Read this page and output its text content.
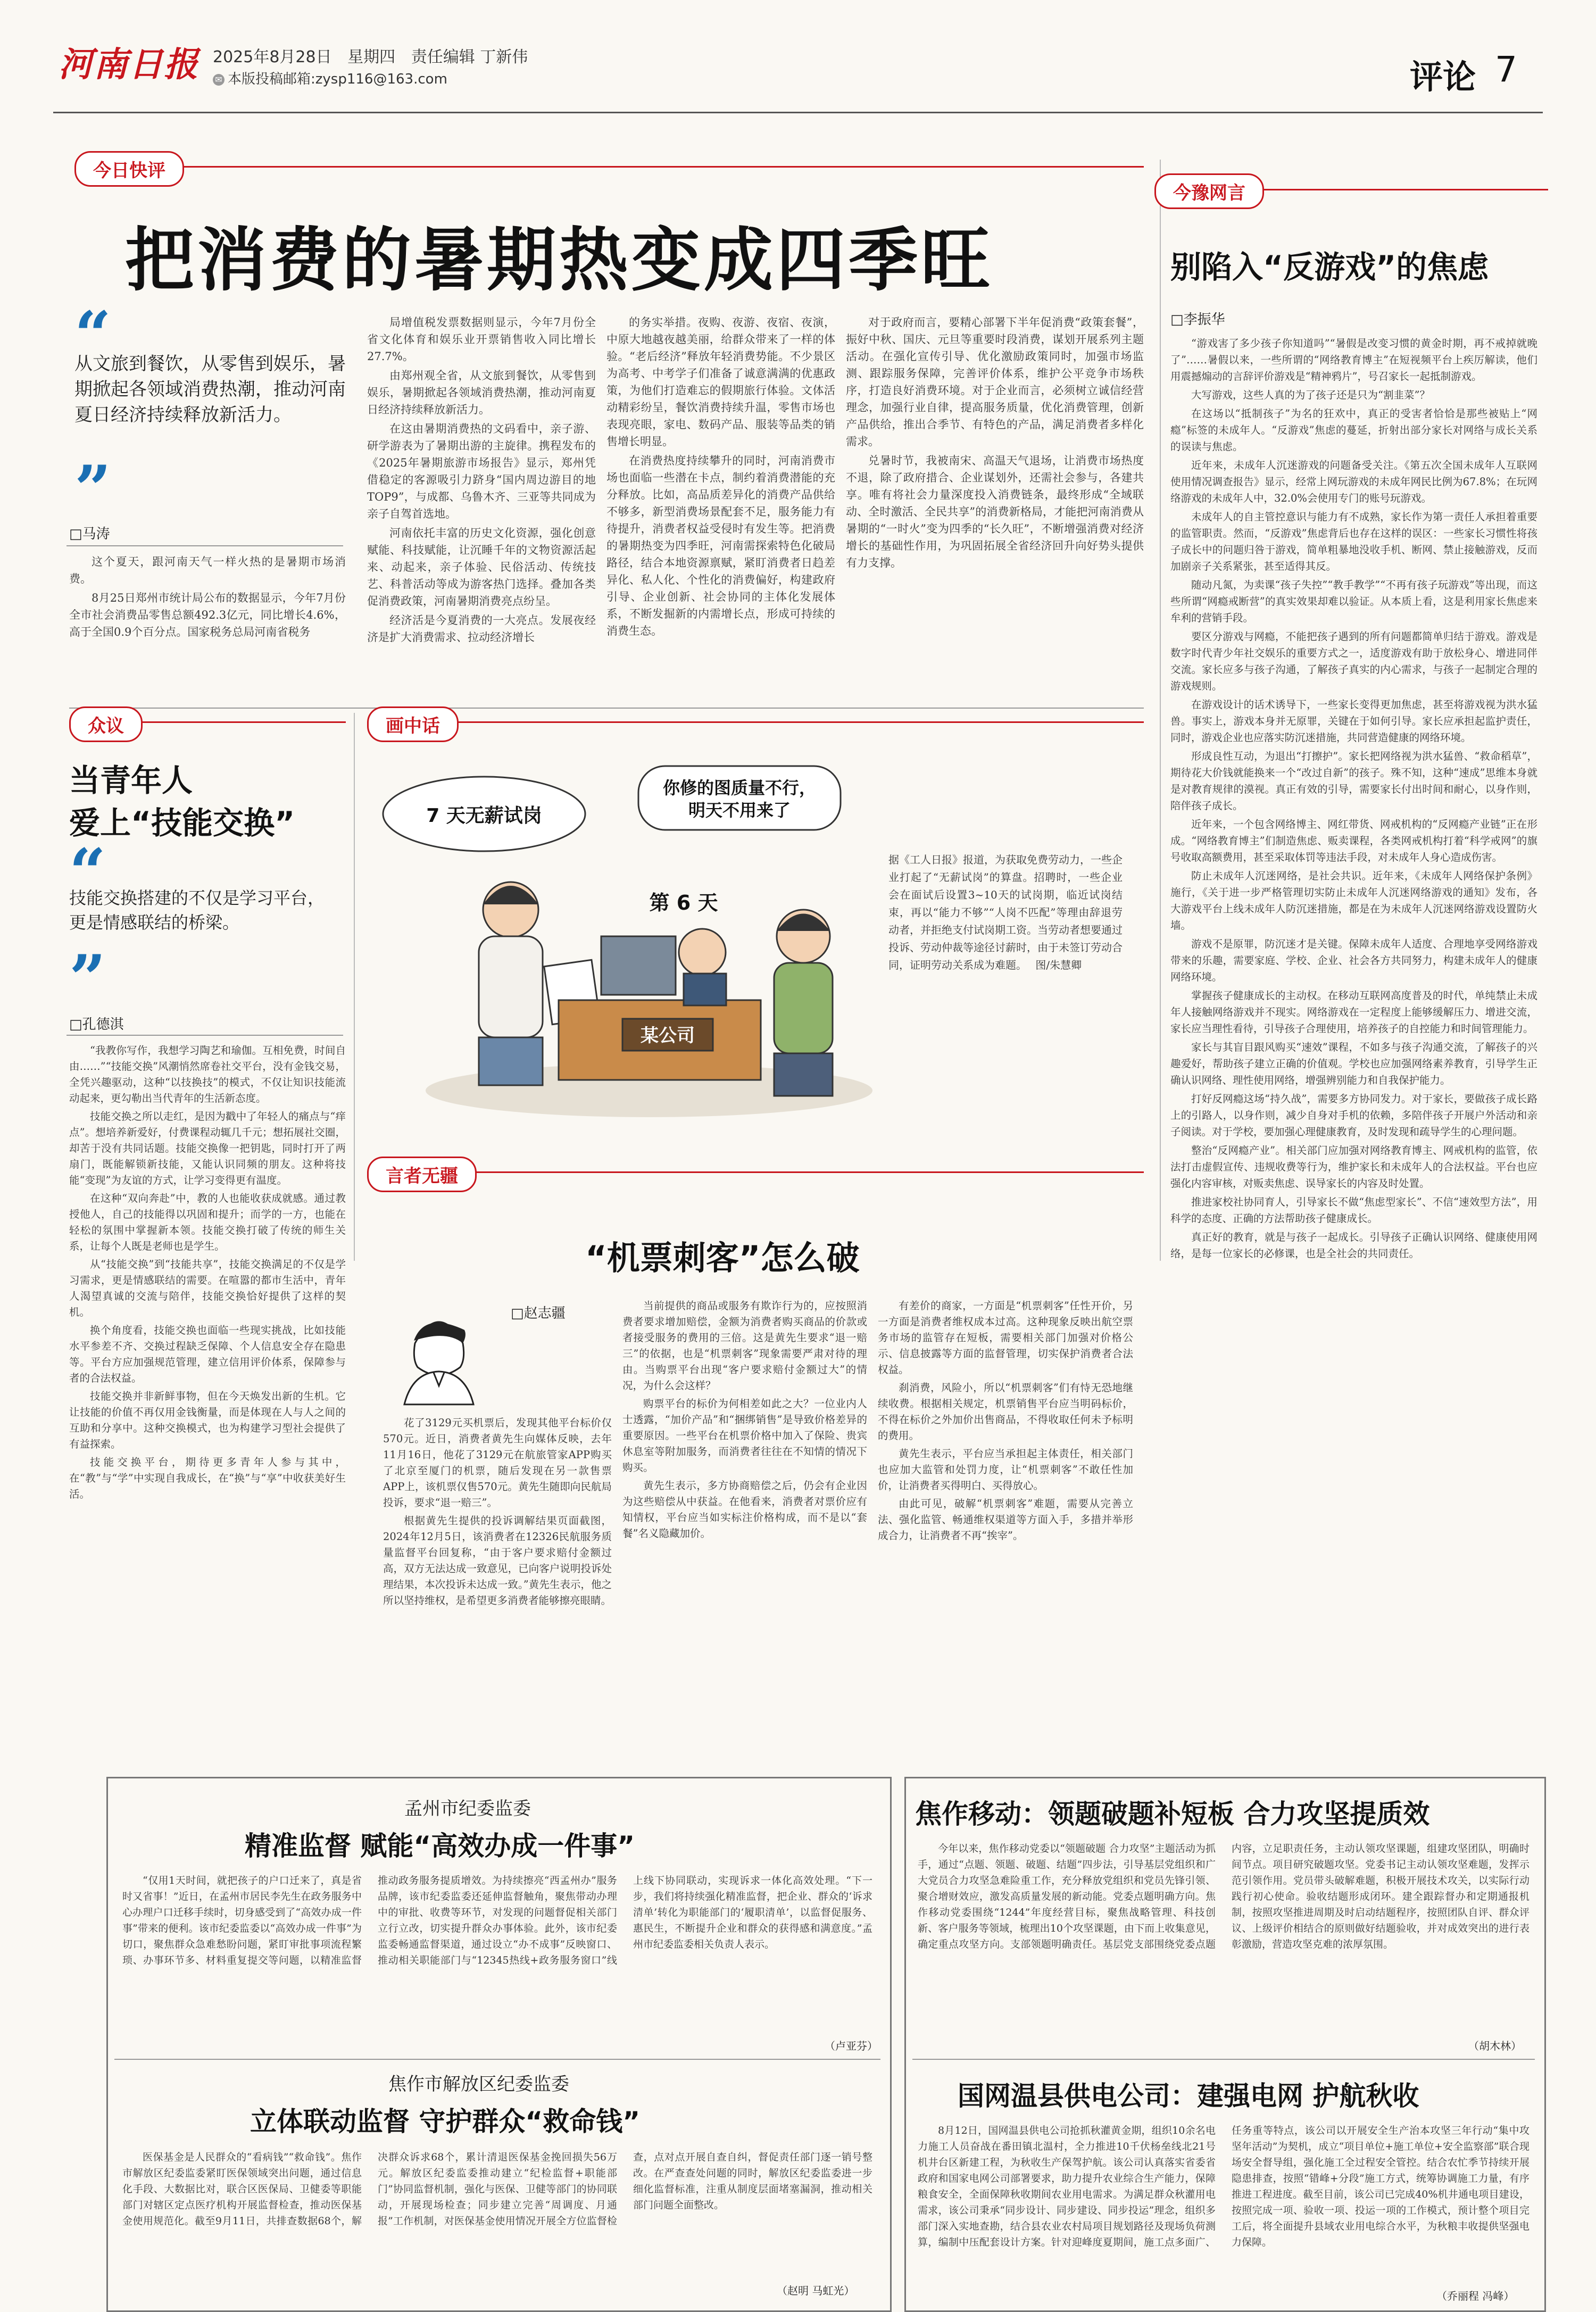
河南日报 2025年8月28日 星期四 责任编辑 丁新伟
✉ 本版投稿邮箱:zysp116@163.com	评论 7
今日快评
把消费的暑期热变成四季旺
“
从文旅到餐饮，从零售到娱乐，暑期掀起各领域消费热潮，推动河南夏日经济持续释放新活力。
”
□马涛

这个夏天，跟河南天气一样火热的是暑期市场消费。

8月25日郑州市统计局公布的数据显示，今年7月份全市社会消费品零售总额492.3亿元，同比增长4.6%，高于全国0.9个百分点。国家税务总局河南省税务

局增值税发票数据则显示，今年7月份全省文化体育和娱乐业开票销售收入同比增长27.7%。

由郑州观全省，从文旅到餐饮，从零售到娱乐，暑期掀起各领域消费热潮，推动河南夏日经济持续释放新活力。

在这由暑期消费热的文码看中，亲子游、研学游表为了暑期出游的主旋律。携程发布的《2025年暑期旅游市场报告》显示，郑州凭借稳定的客源吸引力跻身“国内周边游目的地TOP9”，与成都、乌鲁木齐、三亚等共同成为亲子自驾首选地。

河南依托丰富的历史文化资源，强化创意赋能、科技赋能，让沉睡千年的文物资源活起来、动起来，亲子体验、民俗活动、传统技艺、科普活动等成为游客热门选择。叠加各类促消费政策，河南暑期消费亮点纷呈。

经济活是今夏消费的一大亮点。发展夜经济是扩大消费需求、拉动经济增长

的务实举措。夜购、夜游、夜宿、夜演，中原大地越夜越美丽，给群众带来了一样的体验。“老后经济”释放年轻消费势能。不少景区为高考、中考学子们准备了诚意满满的优惠政策，为他们打造难忘的假期旅行体验。文体活动精彩纷呈，餐饮消费持续升温，零售市场也表现亮眼，家电、数码产品、服装等品类的销售增长明显。

在消费热度持续攀升的同时，河南消费市场也面临一些潜在卡点，制约着消费潜能的充分释放。比如，高品质差异化的消费产品供给不够多，新型消费场景配套不足，服务能力有待提升，消费者权益受侵时有发生等。把消费的暑期热变为四季旺，河南需探索特色化破局路径，结合本地资源禀赋，紧盯消费者日趋差异化、私人化、个性化的消费偏好，构建政府引导、企业创新、社会协同的主体化发展体系，不断发掘新的内需增长点，形成可持续的消费生态。

对于政府而言，要精心部署下半年促消费“政策套餐”，振好中秋、国庆、元旦等重要时段消费，谋划开展系列主题活动。在强化宣传引导、优化激励政策同时，加强市场监测、跟踪服务保障，完善评价体系，维护公平竞争市场秩序，打造良好消费环境。对于企业而言，必须树立诚信经营理念，加强行业自律，提高服务质量，优化消费管理，创新产品供给，推出合季节、有特色的产品，满足消费者多样化需求。

兑暑时节，我被南宋、高温天气退场，让消费市场热度不退，除了政府措合、企业谋划外，还需社会参与，各建共享。唯有将社会力量深度投入消费链条，最终形成“全域联动、全时激活、全民共享”的消费新格局，才能把河南消费从暑期的“一时火”变为四季的“长久旺”，不断增强消费对经济增长的基础性作用，为巩固拓展全省经济回升向好势头提供有力支撑。

今豫网言
别陷入“反游戏”的焦虑
□李振华

“游戏害了多少孩子你知道吗”“暑假是改变习惯的黄金时期，再不戒掉就晚了”……暑假以来，一些所谓的“网络教育博主”在短视频平台上疾厉解读，他们用震撼煽动的言辞评价游戏是“精神鸦片”，号召家长一起抵制游戏。

大写游戏，这些人真的为了孩子还是只为“割韭菜”？

在这场以“抵制孩子”为名的狂欢中，真正的受害者恰恰是那些被贴上“网瘾”标签的未成年人。“反游戏”焦虑的蔓延，折射出部分家长对网络与成长关系的误读与焦虑。

近年来，未成年人沉迷游戏的问题备受关注。《第五次全国未成年人互联网使用情况调查报告》显示，经常上网玩游戏的未成年网民比例为67.8%；在玩网络游戏的未成年人中，32.0%会使用专门的账号玩游戏。

未成年人的自主管控意识与能力有不成熟，家长作为第一责任人承担着重要的监管职责。然而，“反游戏”焦虑背后也存在这样的误区：一些家长习惯性将孩子成长中的问题归咎于游戏，简单粗暴地没收手机、断网、禁止接触游戏，反而加剧亲子关系紧张，甚至适得其反。

随动凡氮，为卖课“孩子失控”“教手教学”“不再有孩子玩游戏”等出现，而这些所谓“网瘾戒断营”的真实效果却难以验证。从本质上看，这是利用家长焦虑来牟利的营销手段。

要区分游戏与网瘾，不能把孩子遇到的所有问题都简单归结于游戏。游戏是数字时代青少年社交娱乐的重要方式之一，适度游戏有助于放松身心、增进同伴交流。家长应多与孩子沟通，了解孩子真实的内心需求，与孩子一起制定合理的游戏规则。

在游戏设计的话术诱导下，一些家长变得更加焦虑，甚至将游戏视为洪水猛兽。事实上，游戏本身并无原罪，关键在于如何引导。家长应承担起监护责任，同时，游戏企业也应落实防沉迷措施，共同营造健康的网络环境。

形成良性互动，为退出“打擦护”。家长把网络视为洪水猛兽、“救命稻草”，期待花大价钱就能换来一个“改过自新”的孩子。殊不知，这种“速成”思维本身就是对教育规律的漠视。真正有效的引导，需要家长付出时间和耐心，以身作则，陪伴孩子成长。

近年来，一个包含网络博主、网红带货、网戒机构的“反网瘾产业链”正在形成。“网络教育博主”们制造焦虑、贩卖课程，各类网戒机构打着“科学戒网”的旗号收取高额费用，甚至采取体罚等违法手段，对未成年人身心造成伤害。

防止未成年人沉迷网络，是社会共识。近年来，《未成年人网络保护条例》施行，《关于进一步严格管理切实防止未成年人沉迷网络游戏的通知》发布，各大游戏平台上线未成年人防沉迷措施，都是在为未成年人沉迷网络游戏设置防火墙。

游戏不是原罪，防沉迷才是关键。保障未成年人适度、合理地享受网络游戏带来的乐趣，需要家庭、学校、企业、社会各方共同努力，构建未成年人的健康网络环境。

掌握孩子健康成长的主动权。在移动互联网高度普及的时代，单纯禁止未成年人接触网络游戏并不现实。网络游戏在一定程度上能够缓解压力、增进交流，家长应当理性看待，引导孩子合理使用，培养孩子的自控能力和时间管理能力。

家长与其盲目跟风购买“速效”课程，不如多与孩子沟通交流，了解孩子的兴趣爱好，帮助孩子建立正确的价值观。学校也应加强网络素养教育，引导学生正确认识网络、理性使用网络，增强辨别能力和自我保护能力。

打好反网瘾这场“持久战”，需要多方协同发力。对于家长，要做孩子成长路上的引路人，以身作则，减少自身对手机的依赖，多陪伴孩子开展户外活动和亲子阅读。对于学校，要加强心理健康教育，及时发现和疏导学生的心理问题。

整治“反网瘾产业”。相关部门应加强对网络教育博主、网戒机构的监管，依法打击虚假宣传、违规收费等行为，维护家长和未成年人的合法权益。平台也应强化内容审核，对贩卖焦虑、误导家长的内容及时处置。

推进家校社协同育人，引导家长不做“焦虑型家长”、不信“速效型方法”，用科学的态度、正确的方法帮助孩子健康成长。

真正好的教育，就是与孩子一起成长。引导孩子正确认识网络、健康使用网络，是每一位家长的必修课，也是全社会的共同责任。

众议
当青年人
爱上“技能交换”
“
技能交换搭建的不仅是学习平台，更是情感联结的桥梁。
”
□孔德淇

“我教你写作，我想学习陶艺和瑜伽。互相免费，时间自由……”“技能交换”风潮悄然席卷社交平台，没有金钱交易，全凭兴趣驱动，这种“以技换技”的模式，不仅让知识技能流动起来，更勾勒出当代青年的生活新态度。

技能交换之所以走红，是因为戳中了年轻人的痛点与“痒点”。想培养新爱好，付费课程动辄几千元；想拓展社交圈，却苦于没有共同话题。技能交换像一把钥匙，同时打开了两扇门，既能解锁新技能，又能认识同频的朋友。这种将技能“变现”为友谊的方式，让学习变得更有温度。

在这种“双向奔赴”中，教的人也能收获成就感。通过教授他人，自己的技能得以巩固和提升；而学的一方，也能在轻松的氛围中掌握新本领。技能交换打破了传统的师生关系，让每个人既是老师也是学生。

从“技能交换”到“技能共享”，技能交换满足的不仅是学习需求，更是情感联结的需要。在喧嚣的都市生活中，青年人渴望真诚的交流与陪伴，技能交换恰好提供了这样的契机。

换个角度看，技能交换也面临一些现实挑战，比如技能水平参差不齐、交换过程缺乏保障、个人信息安全存在隐患等。平台方应加强规范管理，建立信用评价体系，保障参与者的合法权益。

技能交换并非新鲜事物，但在今天焕发出新的生机。它让技能的价值不再仅用金钱衡量，而是体现在人与人之间的互助和分享中。这种交换模式，也为构建学习型社会提供了有益探索。

技能交换平台，期待更多青年人参与其中，在“教”与“学”中实现自我成长，在“换”与“享”中收获美好生活。

画中话
7 天无薪试岗
你修的图质量不行，
明天不用来了
第 6 天
某公司
据《工人日报》报道，为获取免费劳动力，一些企业打起了“无薪试岗”的算盘。招聘时，一些企业会在面试后设置3~10天的试岗期，临近试岗结束，再以“能力不够”“人岗不匹配”等理由辞退劳动者，并拒绝支付试岗期工资。当劳动者想要通过投诉、劳动仲裁等途径讨薪时，由于未签订劳动合同，证明劳动关系成为难题。 图/朱慧卿
言者无疆
“机票刺客”怎么破
□赵志疆

花了3129元买机票后，发现其他平台标价仅570元。近日，消费者黄先生向媒体反映，去年11月16日，他花了3129元在航旅管家APP购买了北京至厦门的机票，随后发现在另一款售票APP上，该机票仅售570元。黄先生随即向民航局投诉，要求“退一赔三”。

根据黄先生提供的投诉调解结果页面截图，2024年12月5日，该消费者在12326民航服务质量监督平台回复称，“由于客户要求赔付金额过高，双方无法达成一致意见，已向客户说明投诉处理结果，本次投诉未达成一致。”黄先生表示，他之所以坚持维权，是希望更多消费者能够擦亮眼睛。

当前提供的商品或服务有欺诈行为的，应按照消费者要求增加赔偿，金额为消费者购买商品的价款或者接受服务的费用的三倍。这是黄先生要求“退一赔三”的依据，也是“机票刺客”现象需要严肃对待的理由。当购票平台出现“客户要求赔付金额过大”的情况，为什么会这样？

购票平台的标价为何相差如此之大？一位业内人士透露，“加价产品”和“捆绑销售”是导致价格差异的重要原因。一些平台在机票价格中加入了保险、贵宾休息室等附加服务，而消费者往往在不知情的情况下购买。

黄先生表示，多方协商赔偿之后，仍会有企业因为这些赔偿从中获益。在他看来，消费者对票价应有知情权，平台应当如实标注价格构成，而不是以“套餐”名义隐藏加价。

有差价的商家，一方面是“机票刺客”任性开价，另一方面是消费者维权成本过高。这种现象反映出航空票务市场的监管存在短板，需要相关部门加强对价格公示、信息披露等方面的监督管理，切实保护消费者合法权益。

刹消费，风险小，所以“机票刺客”们有恃无恐地继续收费。根据相关规定，机票销售平台应当明码标价，不得在标价之外加价出售商品，不得收取任何未予标明的费用。

黄先生表示，平台应当承担起主体责任，相关部门也应加大监管和处罚力度，让“机票刺客”不敢任性加价，让消费者买得明白、买得放心。

由此可见，破解“机票刺客”难题，需要从完善立法、强化监管、畅通维权渠道等方面入手，多措并举形成合力，让消费者不再“挨宰”。

孟州市纪委监委
精准监督 赋能“高效办成一件事”

“仅用1天时间，就把孩子的户口迁来了，真是省时又省事！”近日，在孟州市居民李先生在政务服务中心办理户口迁移手续时，切身感受到了“高效办成一件事”带来的便利。该市纪委监委以“高效办成一件事”为切口，聚焦群众急难愁盼问题，紧盯审批事项流程繁琐、办事环节多、材料重复提交等问题，以精准监督推动政务服务提质增效。为持续擦亮“西孟州办”服务品牌，该市纪委监委还延伸监督触角，聚焦带动办理中的审批、收费等环节，对发现的问题督促相关部门立行立改，切实提升群众办事体验。此外，该市纪委监委畅通监督渠道，通过设立“办不成事”反映窗口、推动相关职能部门与“12345热线+政务服务窗口”线上线下协同联动，实现诉求一体化高效处理。“下一步，我们将持续强化精准监督，把企业、群众的‘诉求清单’转化为职能部门的‘履职清单’，以监督促服务、惠民生，不断提升企业和群众的获得感和满意度。”孟州市纪委监委相关负责人表示。

（卢亚芬）
焦作市解放区纪委监委
立体联动监督 守护群众“救命钱”

医保基金是人民群众的“看病钱”“救命钱”。焦作市解放区纪委监委紧盯医保领域突出问题，通过信息化手段、大数据比对，联合区医保局、卫健委等职能部门对辖区定点医疗机构开展监督检查，推动医保基金使用规范化。截至9月11日，共排查数据68个，解决群众诉求68个，累计清退医保基金挽回损失56万元。解放区纪委监委推动建立“纪检监督+职能部门”协同监督机制，强化与医保、卫健等部门的协同联动，开展现场检查；同步建立完善“周调度、月通报”工作机制，对医保基金使用情况开展全方位监督检查，点对点开展自查自纠，督促责任部门逐一销号整改。在严查查处问题的同时，解放区纪委监委进一步细化监督标准，注重从制度层面堵塞漏洞，推动相关部门问题全面整改。

（赵明 马虹光）
焦作移动：领题破题补短板 合力攻坚提质效

今年以来，焦作移动党委以“领题破题 合力攻坚”主题活动为抓手，通过“点题、领题、破题、结题”四步法，引导基层党组织和广大党员合力攻坚急难险重工作，充分释放党组织和党员先锋引领、聚合增财效应，激发高质量发展的新动能。党委点题明确方向。焦作移动党委围绕“1244”年度经营目标，聚焦战略管理、科技创新、客户服务等领域，梳理出10个攻坚课题，由下而上收集意见，确定重点攻坚方向。支部领题明确责任。基层党支部围绕党委点题内容，立足职责任务，主动认领攻坚课题，组建攻坚团队，明确时间节点。项目研究破题攻坚。党委书记主动认领攻坚难题，发挥示范引领作用。党员带头破解难题，积极开展技术攻关，以实际行动践行初心使命。验收结题形成闭环。建全跟踪督办和定期通报机制，按照攻坚推进周期及时启动结题程序，按照团队自评、群众评议、上级评价相结合的原则做好结题验收，并对成效突出的进行表彰激励，营造攻坚克难的浓厚氛围。

（胡木林）
国网温县供电公司：建强电网 护航秋收

8月12日，国网温县供电公司抢抓秋灌黄金期，组织10余名电力施工人员奋战在番田镇北温村，全力推进10千伏杨垒线北21号机井台区新建工程，为秋收生产保驾护航。该公司认真落实省委省政府和国家电网公司部署要求，助力提升农业综合生产能力，保障粮食安全，全面保障秋收期间农业用电需求。为满足群众秋灌用电需求，该公司秉承“同步设计、同步建设、同步投运”理念，组织多部门深入实地查勘，结合县农业农村局项目规划路径及现场负荷测算，编制中压配套设计方案。针对迎峰度夏期间，施工点多面广、任务重等特点，该公司以开展安全生产治本攻坚三年行动“集中攻坚年活动”为契机，成立“项目单位+施工单位+安全监察部”联合现场安全督导组，强化施工全过程安全管控。结合农忙季节持续开展隐患排查，按照“错峰+分段”施工方式，统筹协调施工力量，有序推进工程进度。截至目前，该公司已完成40%机井通电项目建设，按照完成一项、验收一项、投运一项的工作模式，预计整个项目完工后，将全面提升县域农业用电综合水平，为秋粮丰收提供坚强电力保障。

（乔丽程 冯峰）
